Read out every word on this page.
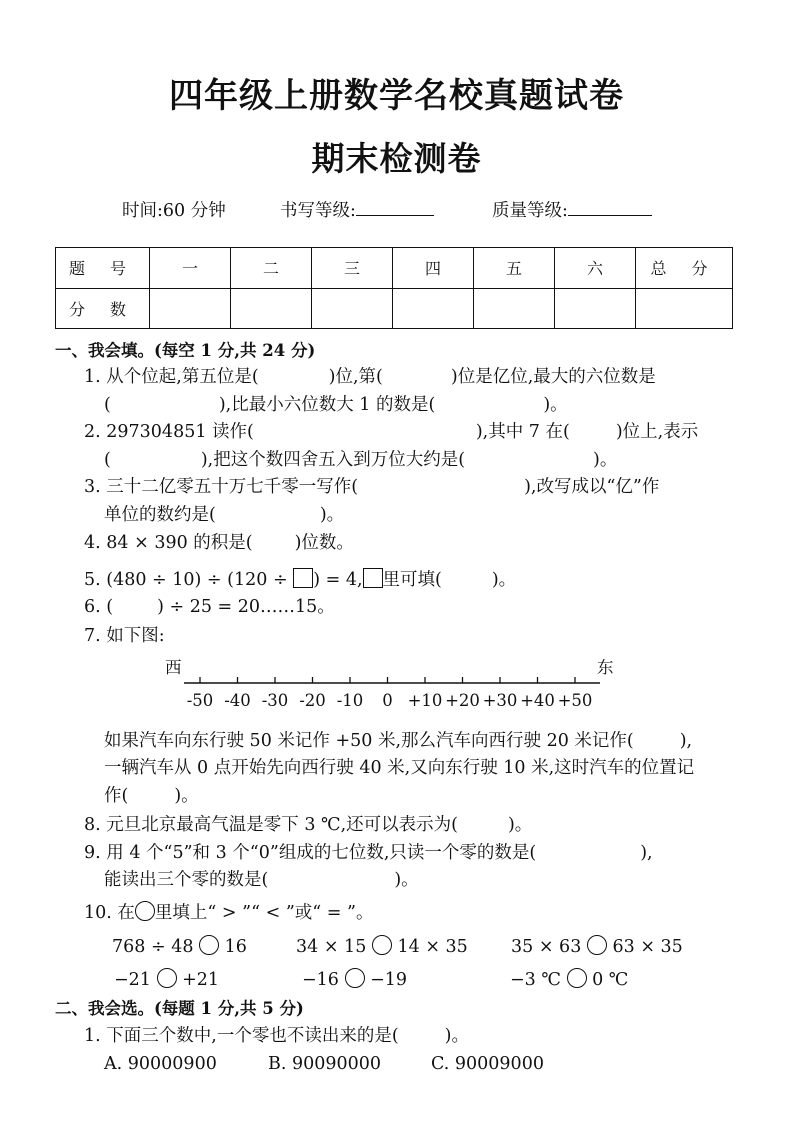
四年级上册数学名校真题试卷
期末检测卷
时间:60 分钟	书写等级:	质量等级:
题 号	一	二	三	四	五	六	总 分
分 数							
一、我会填。(每空 1 分,共 24 分)
1. 从个位起,第五位是(	)位,第(	)位是亿位,最大的六位数是
(	),比最小六位数大 1 的数是(	)。
2. 297304851 读作(	),其中 7 在(	)位上,表示
(	),把这个数四舍五入到万位大约是(	)。
3. 三十二亿零五十万七千零一写作(	),改写成以“亿”作
单位的数约是(	)。
4. 84 × 390 的积是( )位数。
5. (480 ÷ 10) ÷ (120 ÷ ) = 4, 里可填(	)。
6. (	) ÷ 25 = 20……15。
7. 如下图:
西	东
-50 -40 -30 -20 -10	0 +10 +20 +30 +40 +50
如果汽车向东行驶 50 米记作 +50 米,那么汽车向西行驶 20 米记作(	),
一辆汽车从 0 点开始先向西行驶 40 米,又向东行驶 10 米,这时汽车的位置记
作(	)。
8. 元旦北京最高气温是零下 3 ℃,还可以表示为(	)。
9. 用 4 个“5”和 3 个“0”组成的七位数,只读一个零的数是(	),
能读出三个零的数是(	)。
10. 在 里填上“ > ”“ < ”或“ = ”。
768 ÷ 48 16	34 × 15 14 × 35 35 × 63 63 × 35
−21 +21	−16 −19	−3 ℃ 0 ℃
二、我会选。(每题 1 分,共 5 分)
1. 下面三个数中,一个零也不读出来的是(	)。
A. 90000900	B. 90090000	C. 90009000
